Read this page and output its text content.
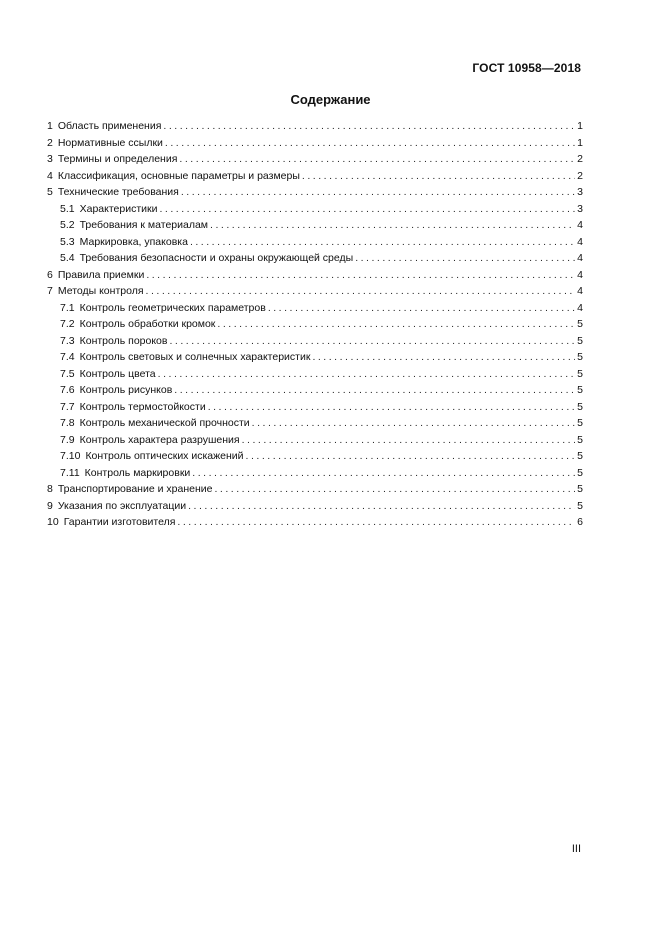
ГОСТ 10958—2018
Содержание
1 Область применения . . .	1
2 Нормативные ссылки . . .	1
3 Термины и определения . . .	2
4 Классификация, основные параметры и размеры . . .	2
5 Технические требования . . .	3
5.1 Характеристики . . .	3
5.2 Требования к материалам . . .	4
5.3 Маркировка, упаковка . . .	4
5.4 Требования безопасности и охраны окружающей среды . . .	4
6 Правила приемки . . .	4
7 Методы контроля . . .	4
7.1 Контроль геометрических параметров . . .	4
7.2 Контроль обработки кромок . . .	5
7.3 Контроль пороков . . .	5
7.4 Контроль световых и солнечных характеристик . . .	5
7.5 Контроль цвета . . .	5
7.6 Контроль рисунков . . .	5
7.7 Контроль термостойкости . . .	5
7.8 Контроль механической прочности . . .	5
7.9 Контроль характера разрушения . . .	5
7.10 Контроль оптических искажений . . .	5
7.11 Контроль маркировки . . .	5
8 Транспортирование и хранение . . .	5
9 Указания по эксплуатации . . .	5
10 Гарантии изготовителя . . .	6
III
